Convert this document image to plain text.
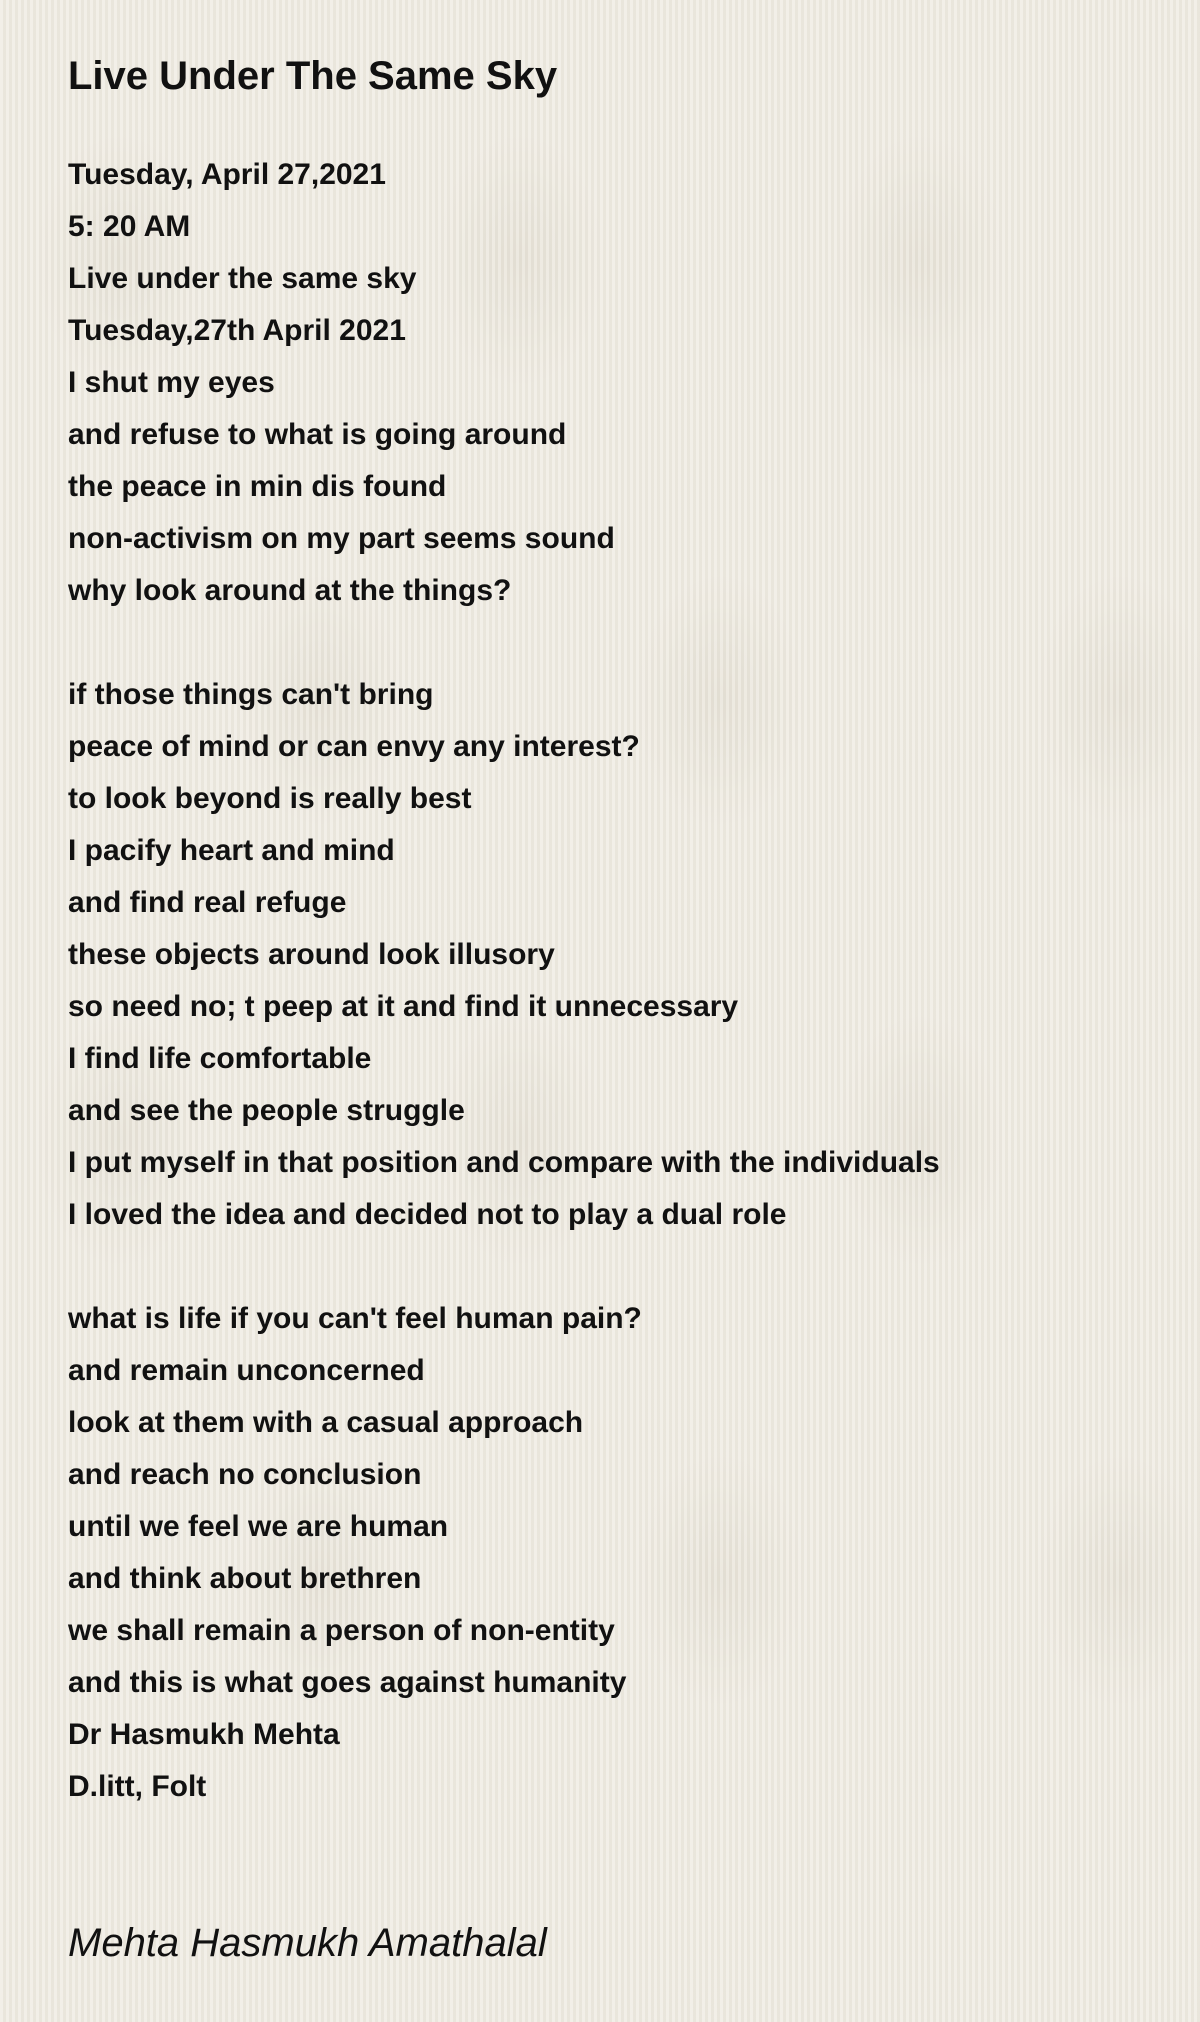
Live Under The Same Sky
Tuesday, April 27,2021
5: 20 AM
Live under the same sky
Tuesday,27th April 2021
I shut my eyes
and refuse to what is going around
the peace in min dis found
non-activism on my part seems sound
why look around at the things?
if those things can't bring
peace of mind or can envy any interest?
to look beyond is really best
I pacify heart and mind
and find real refuge
these objects around look illusory
so need no; t peep at it and find it unnecessary
I find life comfortable
and see the people struggle
I put myself in that position and compare with the individuals
I loved the idea and decided not to play a dual role
what is life if you can't feel human pain?
and remain unconcerned
look at them with a casual approach
and reach no conclusion
until we feel we are human
and think about brethren
we shall remain a person of non-entity
and this is what goes against humanity
Dr Hasmukh Mehta
D.litt, Folt

Mehta Hasmukh Amathalal
